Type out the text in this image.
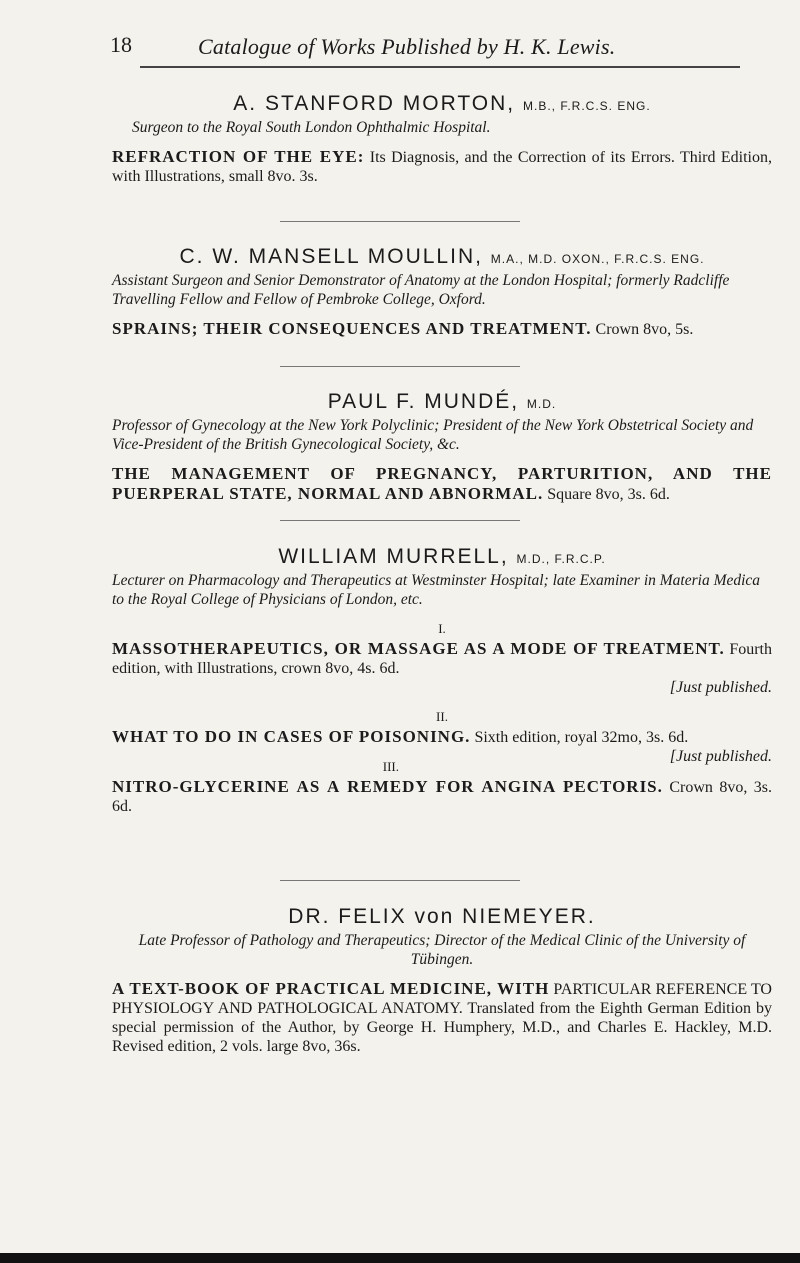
18	Catalogue of Works Published by H. K. Lewis.

A. STANFORD MORTON, M.B., F.R.C.S. ENG.

Surgeon to the Royal South London Ophthalmic Hospital.

REFRACTION OF THE EYE: Its Diagnosis, and the Correction of its Errors. Third Edition, with Illustrations, small 8vo. 3s.

C. W. MANSELL MOULLIN, M.A., M.D. OXON., F.R.C.S. ENG.

Assistant Surgeon and Senior Demonstrator of Anatomy at the London Hospital; formerly Radcliffe Travelling Fellow and Fellow of Pembroke College, Oxford.

SPRAINS; THEIR CONSEQUENCES AND TREATMENT. Crown 8vo, 5s.

PAUL F. MUNDÉ, M.D.

Professor of Gynecology at the New York Polyclinic; President of the New York Obstetrical Society and Vice-President of the British Gynecological Society, &c.

THE MANAGEMENT OF PREGNANCY, PARTURITION, AND THE PUERPERAL STATE, NORMAL AND ABNORMAL. Square 8vo, 3s. 6d.

WILLIAM MURRELL, M.D., F.R.C.P.

Lecturer on Pharmacology and Therapeutics at Westminster Hospital; late Examiner in Materia Medica to the Royal College of Physicians of London, etc.

I.

MASSOTHERAPEUTICS, OR MASSAGE AS A MODE OF TREATMENT. Fourth edition, with Illustrations, crown 8vo, 4s. 6d.
[Just published.

II.

WHAT TO DO IN CASES OF POISONING. Sixth edition, royal 32mo, 3s. 6d.
[Just published.

III.

NITRO-GLYCERINE AS A REMEDY FOR ANGINA PECTORIS. Crown 8vo, 3s. 6d.

DR. FELIX von NIEMEYER.

Late Professor of Pathology and Therapeutics; Director of the Medical Clinic of the University of Tübingen.

A TEXT-BOOK OF PRACTICAL MEDICINE, WITH PARTICULAR REFERENCE TO PHYSIOLOGY AND PATHOLOGICAL ANATOMY. Translated from the Eighth German Edition by special permission of the Author, by George H. Humphery, M.D., and Charles E. Hackley, M.D. Revised edition, 2 vols. large 8vo, 36s.
